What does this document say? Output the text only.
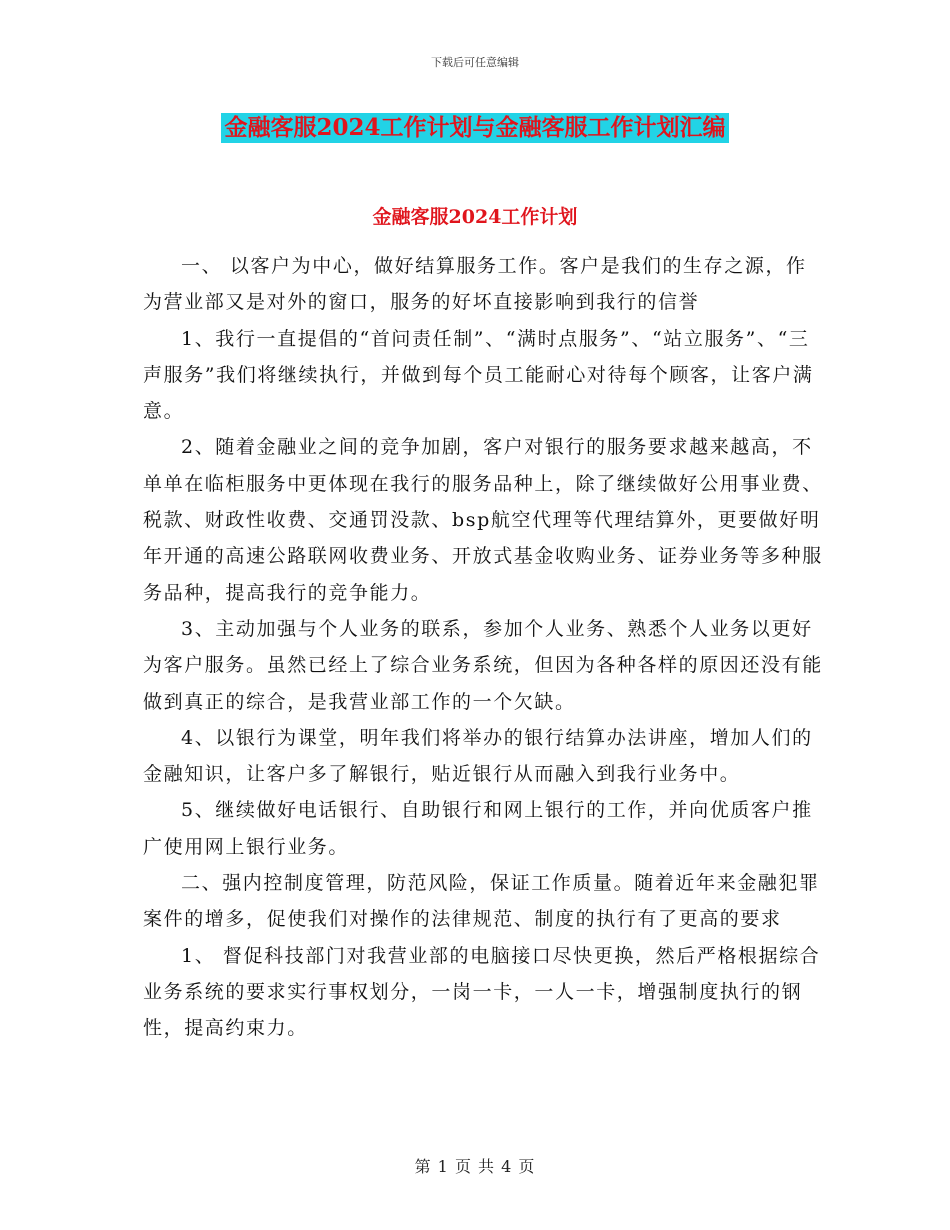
下载后可任意编辑
金融客服2024工作计划与金融客服工作计划汇编
金融客服2024工作计划

一、 以客户为中心，做好结算服务工作。客户是我们的生存之源，作为营业部又是对外的窗口，服务的好坏直接影响到我行的信誉

1、我行一直提倡的“首问责任制”、“满时点服务”、“站立服务”、“三声服务”我们将继续执行，并做到每个员工能耐心对待每个顾客，让客户满意。

2、随着金融业之间的竞争加剧，客户对银行的服务要求越来越高，不单单在临柜服务中更体现在我行的服务品种上，除了继续做好公用事业费、税款、财政性收费、交通罚没款、bsp航空代理等代理结算外，更要做好明年开通的高速公路联网收费业务、开放式基金收购业务、证券业务等多种服务品种，提高我行的竞争能力。

3、主动加强与个人业务的联系，参加个人业务、熟悉个人业务以更好为客户服务。虽然已经上了综合业务系统，但因为各种各样的原因还没有能做到真正的综合，是我营业部工作的一个欠缺。

4、以银行为课堂，明年我们将举办的银行结算办法讲座，增加人们的金融知识，让客户多了解银行，贴近银行从而融入到我行业务中。

5、继续做好电话银行、自助银行和网上银行的工作，并向优质客户推广使用网上银行业务。

二、强内控制度管理，防范风险，保证工作质量。随着近年来金融犯罪案件的增多，促使我们对操作的法律规范、制度的执行有了更高的要求

1、 督促科技部门对我营业部的电脑接口尽快更换，然后严格根据综合业务系统的要求实行事权划分，一岗一卡，一人一卡，增强制度执行的钢性，提高约束力。

第 1 页 共 4 页
